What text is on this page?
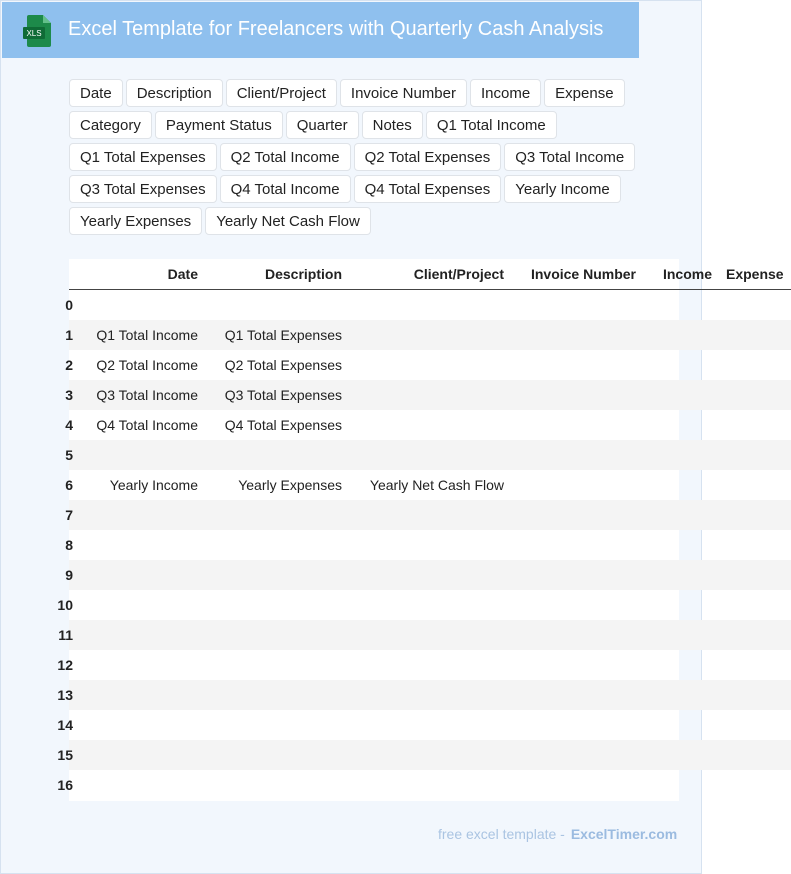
XLS Excel Template for Freelancers with Quarterly Cash Analysis
Date	Description	Client/Project	Invoice Number	Income	Expense
Category	Payment Status	Quarter	Notes	Q1 Total Income
Q1 Total Expenses	Q2 Total Income	Q2 Total Expenses	Q3 Total Income
Q3 Total Expenses	Q4 Total Income	Q4 Total Expenses	Yearly Income
Yearly Expenses	Yearly Net Cash Flow
	Date	Description	Client/Project	Invoice Number	Income	Expense

0						

1	Q1 Total Income	Q1 Total Expenses				

2	Q2 Total Income	Q2 Total Expenses				

3	Q3 Total Income	Q3 Total Expenses				

4	Q4 Total Income	Q4 Total Expenses				

5						

6	Yearly Income	Yearly Expenses	Yearly Net Cash Flow			

7						

8						

9						

10						

11						

12						

13						

14						

15						

16						

free excel template - ExcelTimer.com
